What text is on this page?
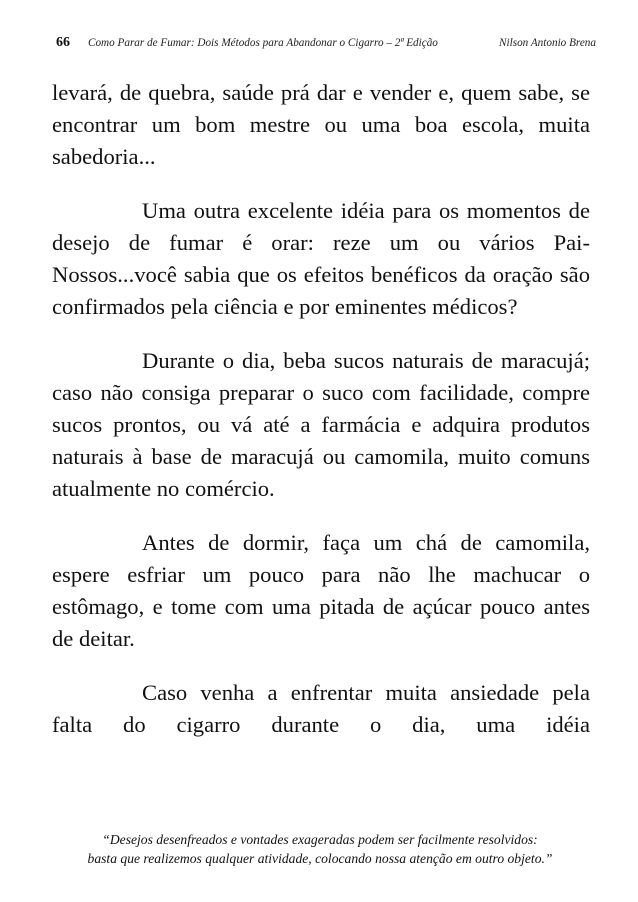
66 Como Parar de Fumar: Dois Métodos para Abandonar o Cigarro – 2ª Edição	Nilson Antonio Brena

levará, de quebra, saúde prá dar e vender e, quem sabe, se encontrar um bom mestre ou uma boa escola, muita sabedoria...

Uma outra excelente idéia para os momentos de desejo de fumar é orar: reze um ou vários Pai-Nossos...você sabia que os efeitos benéficos da oração são confirmados pela ciência e por eminentes médicos?

Durante o dia, beba sucos naturais de maracujá; caso não consiga preparar o suco com facilidade, compre sucos prontos, ou vá até a farmácia e adquira produtos naturais à base de maracujá ou camomila, muito comuns atualmente no comércio.

Antes de dormir, faça um chá de camomila, espere esfriar um pouco para não lhe machucar o estômago, e tome com uma pitada de açúcar pouco antes de deitar.

Caso venha a enfrentar muita ansiedade pela falta do cigarro durante o dia, uma idéia

“Desejos desenfreados e vontades exageradas podem ser facilmente resolvidos:
basta que realizemos qualquer atividade, colocando nossa atenção em outro objeto.”
